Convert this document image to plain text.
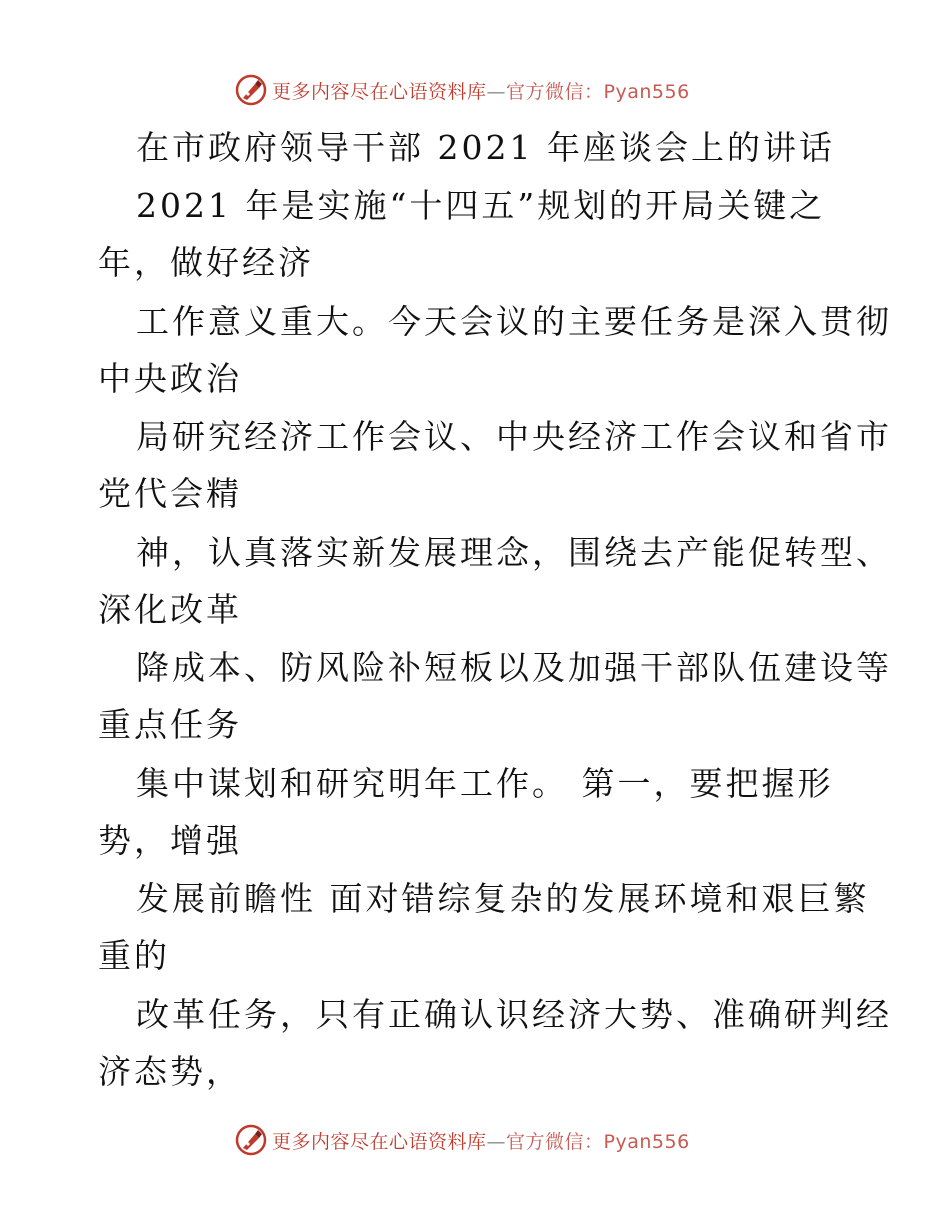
更多内容尽在心语资料库—官方微信：Pyan556
在市政府领导干部 2021 年座谈会上的讲话
2021 年是实施“十四五”规划的开局关键之
年，做好经济
工作意义重大。今天会议的主要任务是深入贯彻
中央政治
局研究经济工作会议、中央经济工作会议和省市
党代会精
神，认真落实新发展理念，围绕去产能促转型、
深化改革
降成本、防风险补短板以及加强干部队伍建设等
重点任务
集中谋划和研究明年工作。 第一，要把握形
势，增强
发展前瞻性 面对错综复杂的发展环境和艰巨繁
重的
改革任务，只有正确认识经济大势、准确研判经
济态势，
更多内容尽在心语资料库—官方微信：Pyan556
